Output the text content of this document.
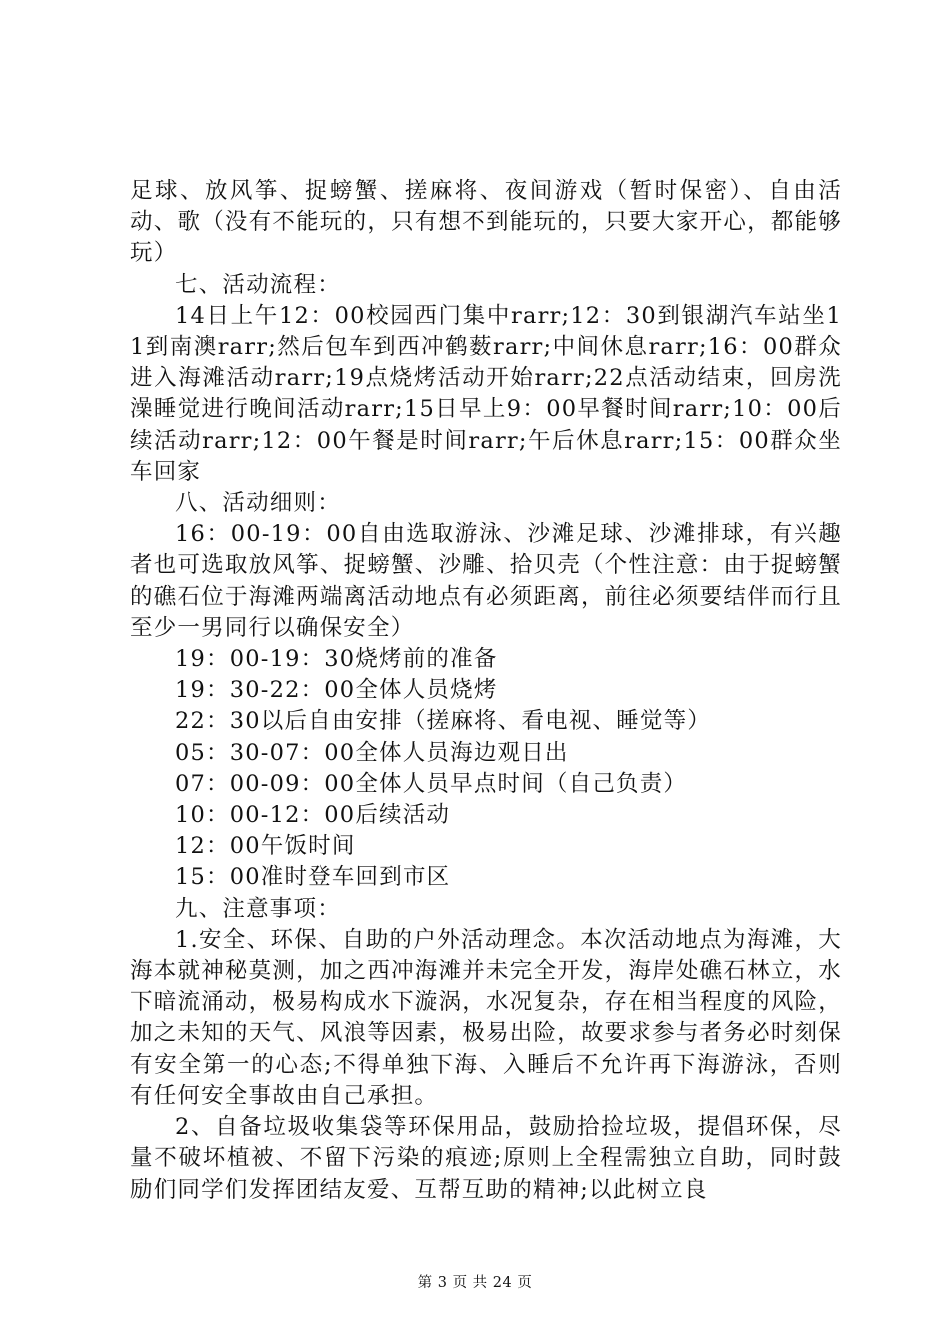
足球、放风筝、捉螃蟹、搓麻将、夜间游戏（暂时保密）、自由活动、歌（没有不能玩的，只有想不到能玩的，只要大家开心，都能够玩）

七、活动流程：

14日上午12：00校园西门集中rarr;12：30到银湖汽车站坐11到南澳rarr;然后包车到西冲鹤薮rarr;中间休息rarr;16：00群众进入海滩活动rarr;19点烧烤活动开始rarr;22点活动结束，回房洗澡睡觉进行晚间活动rarr;15日早上9：00早餐时间rarr;10：00后续活动rarr;12：00午餐是时间rarr;午后休息rarr;15：00群众坐车回家

八、活动细则：

16：00-19：00自由选取游泳、沙滩足球、沙滩排球，有兴趣者也可选取放风筝、捉螃蟹、沙雕、拾贝壳（个性注意：由于捉螃蟹的礁石位于海滩两端离活动地点有必须距离，前往必须要结伴而行且至少一男同行以确保安全）

19：00-19：30烧烤前的准备

19：30-22：00全体人员烧烤

22：30以后自由安排（搓麻将、看电视、睡觉等）

05：30-07：00全体人员海边观日出

07：00-09：00全体人员早点时间（自己负责）

10：00-12：00后续活动

12：00午饭时间

15：00准时登车回到市区

九、注意事项：

1.安全、环保、自助的户外活动理念。本次活动地点为海滩，大海本就神秘莫测，加之西冲海滩并未完全开发，海岸处礁石林立，水下暗流涌动，极易构成水下漩涡，水况复杂，存在相当程度的风险，加之未知的天气、风浪等因素，极易出险，故要求参与者务必时刻保有安全第一的心态;不得单独下海、入睡后不允许再下海游泳，否则有任何安全事故由自己承担。

2、自备垃圾收集袋等环保用品，鼓励拾捡垃圾，提倡环保，尽量不破坏植被、不留下污染的痕迹;原则上全程需独立自助，同时鼓励们同学们发挥团结友爱、互帮互助的精神;以此树立良

第 3 页 共 24 页
